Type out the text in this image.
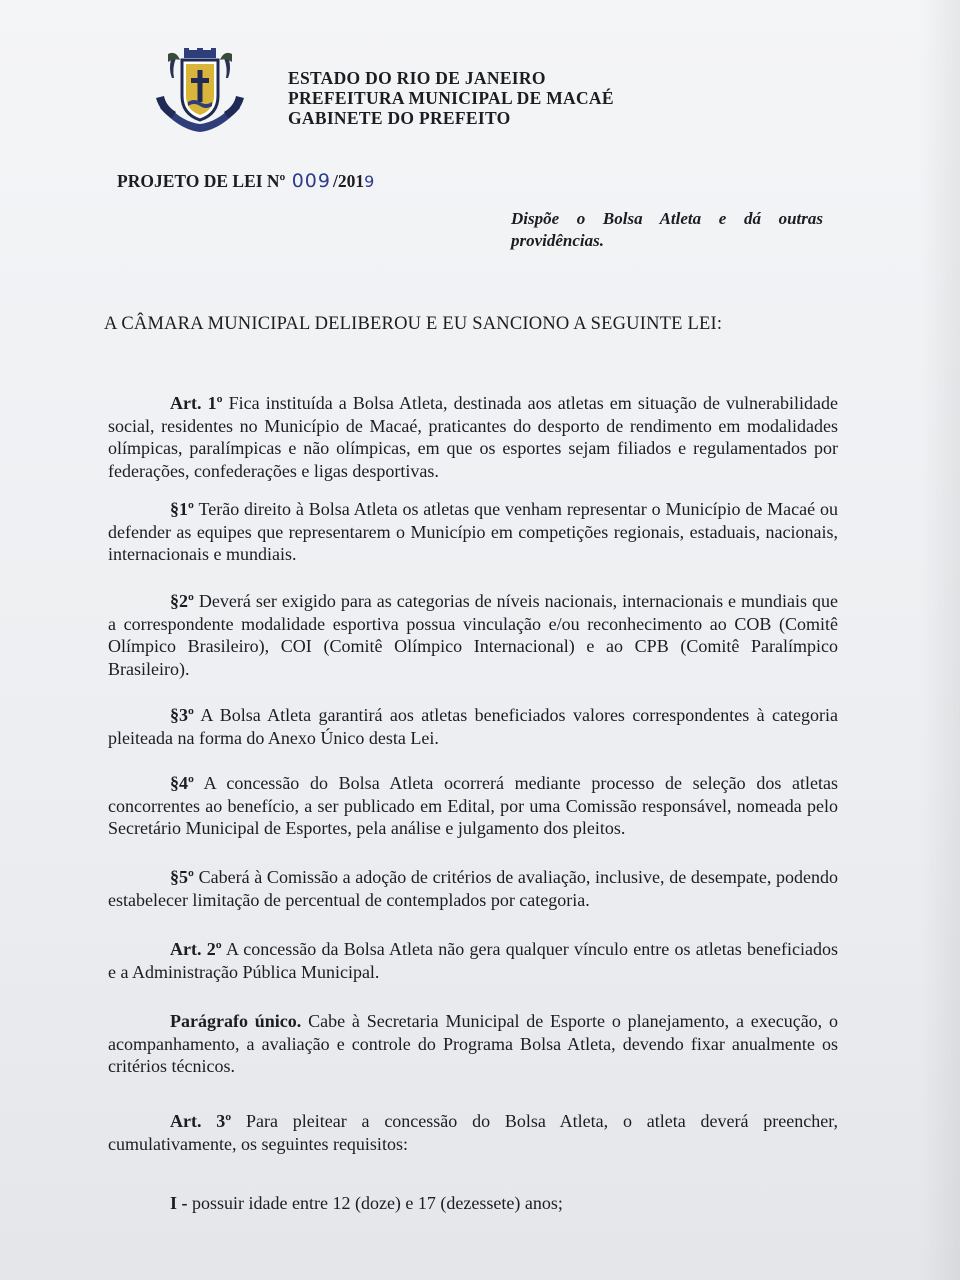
ESTADO DO RIO DE JANEIRO
PREFEITURA MUNICIPAL DE MACAÉ
GABINETE DO PREFEITO
PROJETO DE LEI Nº 009 /2019
Dispõe o Bolsa Atleta e dá outras providências.
A CÂMARA MUNICIPAL DELIBEROU E EU SANCIONO A SEGUINTE LEI:

Art. 1º Fica instituída a Bolsa Atleta, destinada aos atletas em situação de vulnerabilidade social, residentes no Município de Macaé, praticantes do desporto de rendimento em modalidades olímpicas, paralímpicas e não olímpicas, em que os esportes sejam filiados e regulamentados por federações, confederações e ligas desportivas.

§1º Terão direito à Bolsa Atleta os atletas que venham representar o Município de Macaé ou defender as equipes que representarem o Município em competições regionais, estaduais, nacionais, internacionais e mundiais.

§2º Deverá ser exigido para as categorias de níveis nacionais, internacionais e mundiais que a correspondente modalidade esportiva possua vinculação e/ou reconhecimento ao COB (Comitê Olímpico Brasileiro), COI (Comitê Olímpico Internacional) e ao CPB (Comitê Paralímpico Brasileiro).

§3º A Bolsa Atleta garantirá aos atletas beneficiados valores correspondentes à categoria pleiteada na forma do Anexo Único desta Lei.

§4º A concessão do Bolsa Atleta ocorrerá mediante processo de seleção dos atletas concorrentes ao benefício, a ser publicado em Edital, por uma Comissão responsável, nomeada pelo Secretário Municipal de Esportes, pela análise e julgamento dos pleitos.

§5º Caberá à Comissão a adoção de critérios de avaliação, inclusive, de desempate, podendo estabelecer limitação de percentual de contemplados por categoria.

Art. 2º A concessão da Bolsa Atleta não gera qualquer vínculo entre os atletas beneficiados e a Administração Pública Municipal.

Parágrafo único. Cabe à Secretaria Municipal de Esporte o planejamento, a execução, o acompanhamento, a avaliação e controle do Programa Bolsa Atleta, devendo fixar anualmente os critérios técnicos.

Art. 3º Para pleitear a concessão do Bolsa Atleta, o atleta deverá preencher, cumulativamente, os seguintes requisitos:

I - possuir idade entre 12 (doze) e 17 (dezessete) anos;
